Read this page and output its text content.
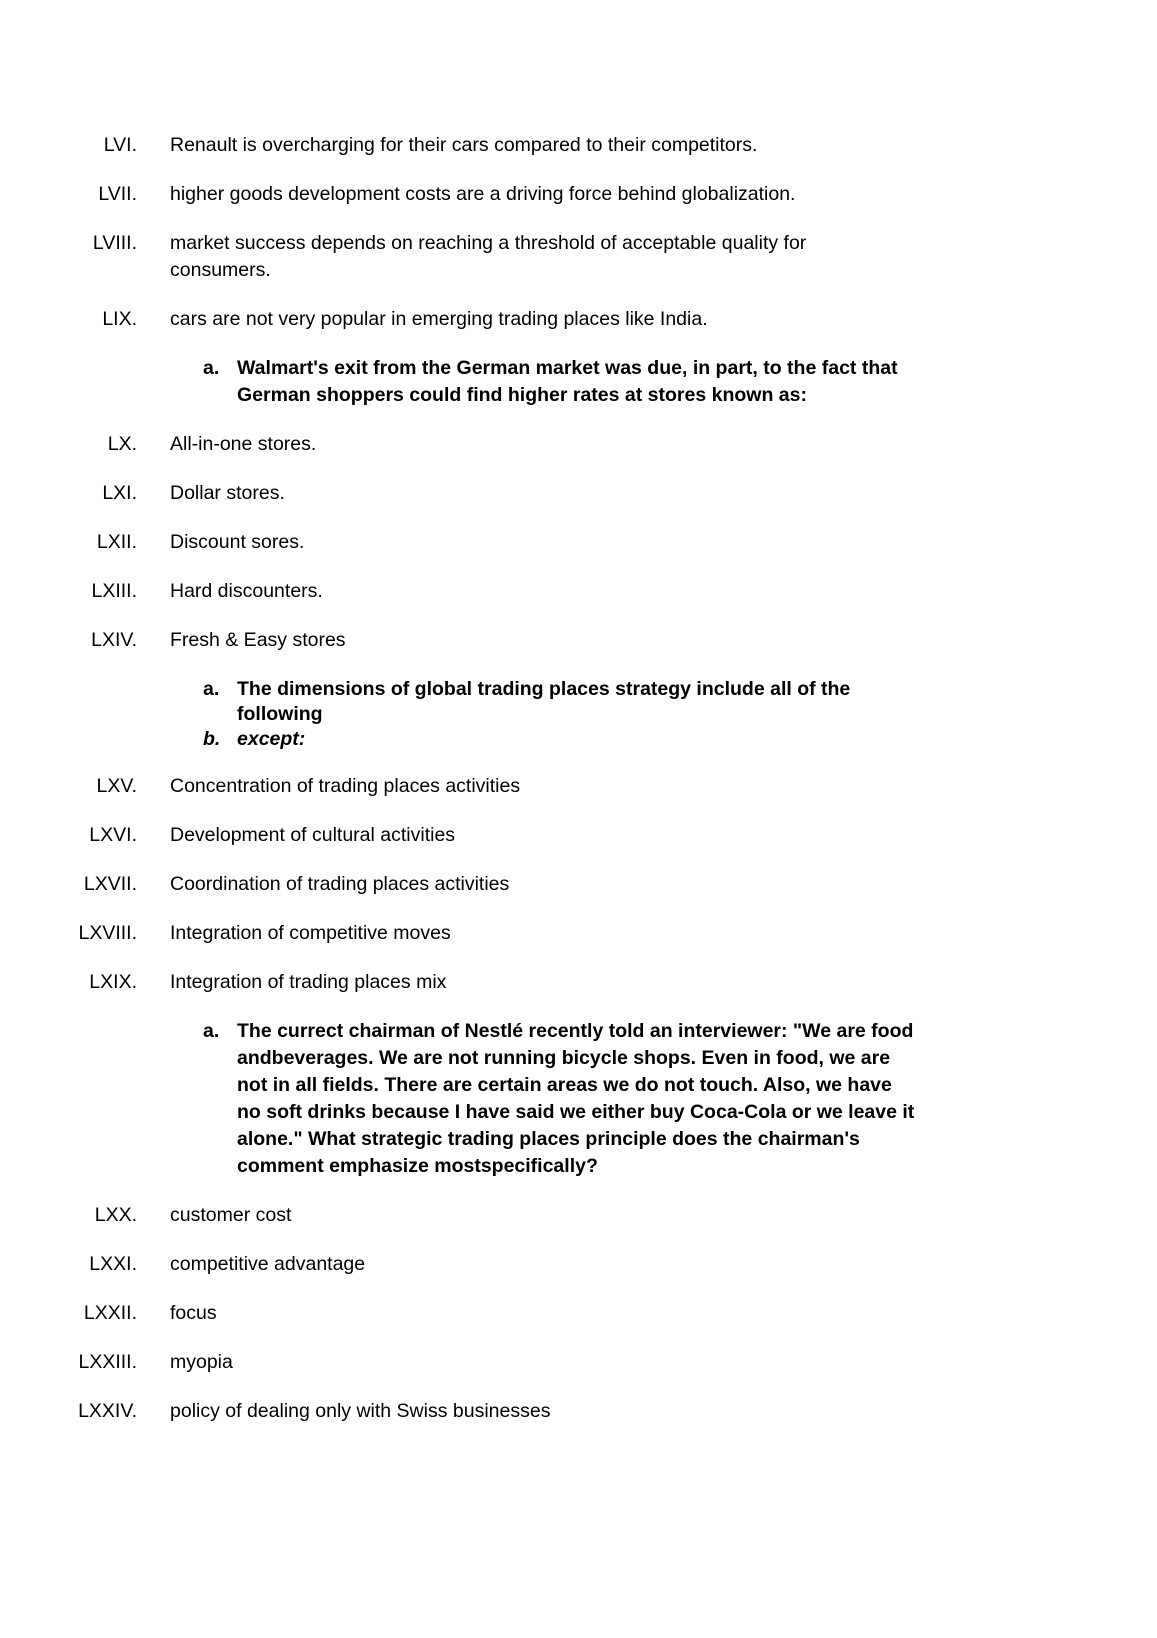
LVI. Renault is overcharging for their cars compared to their competitors.
LVII. higher goods development costs are a driving force behind globalization.
LVIII. market success depends on reaching a threshold of acceptable quality for
consumers.
LIX. cars are not very popular in emerging trading places like India.
a. Walmart's exit from the German market was due, in part, to the fact that
German shoppers could find higher rates at stores known as:
LX. All-in-one stores.
LXI. Dollar stores.
LXII. Discount sores.
LXIII. Hard discounters.
LXIV. Fresh & Easy stores
a. The dimensions of global trading places strategy include all of the
following
b. except:
LXV. Concentration of trading places activities
LXVI. Development of cultural activities
LXVII. Coordination of trading places activities
LXVIII. Integration of competitive moves
LXIX. Integration of trading places mix
a. The currect chairman of Nestlé recently told an interviewer: "We are food
andbeverages. We are not running bicycle shops. Even in food, we are
not in all fields. There are certain areas we do not touch. Also, we have
no soft drinks because I have said we either buy Coca-Cola or we leave it
alone." What strategic trading places principle does the chairman's
comment emphasize mostspecifically?
LXX. customer cost
LXXI. competitive advantage
LXXII. focus
LXXIII. myopia
LXXIV. policy of dealing only with Swiss businesses
